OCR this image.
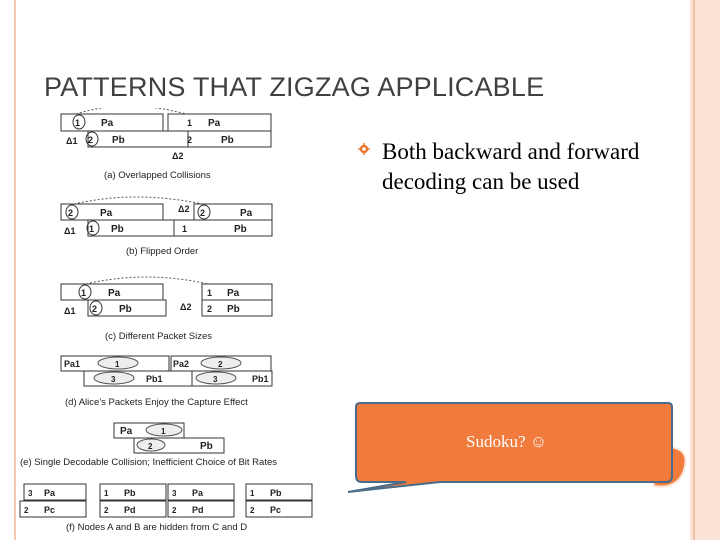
PATTERNS THAT ZIGZAG APPLICABLE
1 Pa
2 Pb
1 Pa
2	Pb
Δ1
Δ2
(a) Overlapped Collisions
2	Pa
1 Pb
2	Pa
1	Pb
Δ1
Δ2
(b) Flipped Order
1 Pa
2 Pb
1 Pa
2 Pb
Δ1	Δ2
(c) Different Packet Sizes
Pa1	1	Pa2	2
3	Pb1	3	Pb1
(d) Alice's Packets Enjoy the Capture Effect
Pa	1
2	Pb
(e) Single Decodable Collision; Inefficient Choice of Bit Rates
3 Pa
2 Pc
1 Pb
2 Pd
3 Pa
2 Pd
1 Pb
2 Pc
(f) Nodes A and B are hidden from C and D
Both backward and forward decoding can be used
Sudoku? ☺
